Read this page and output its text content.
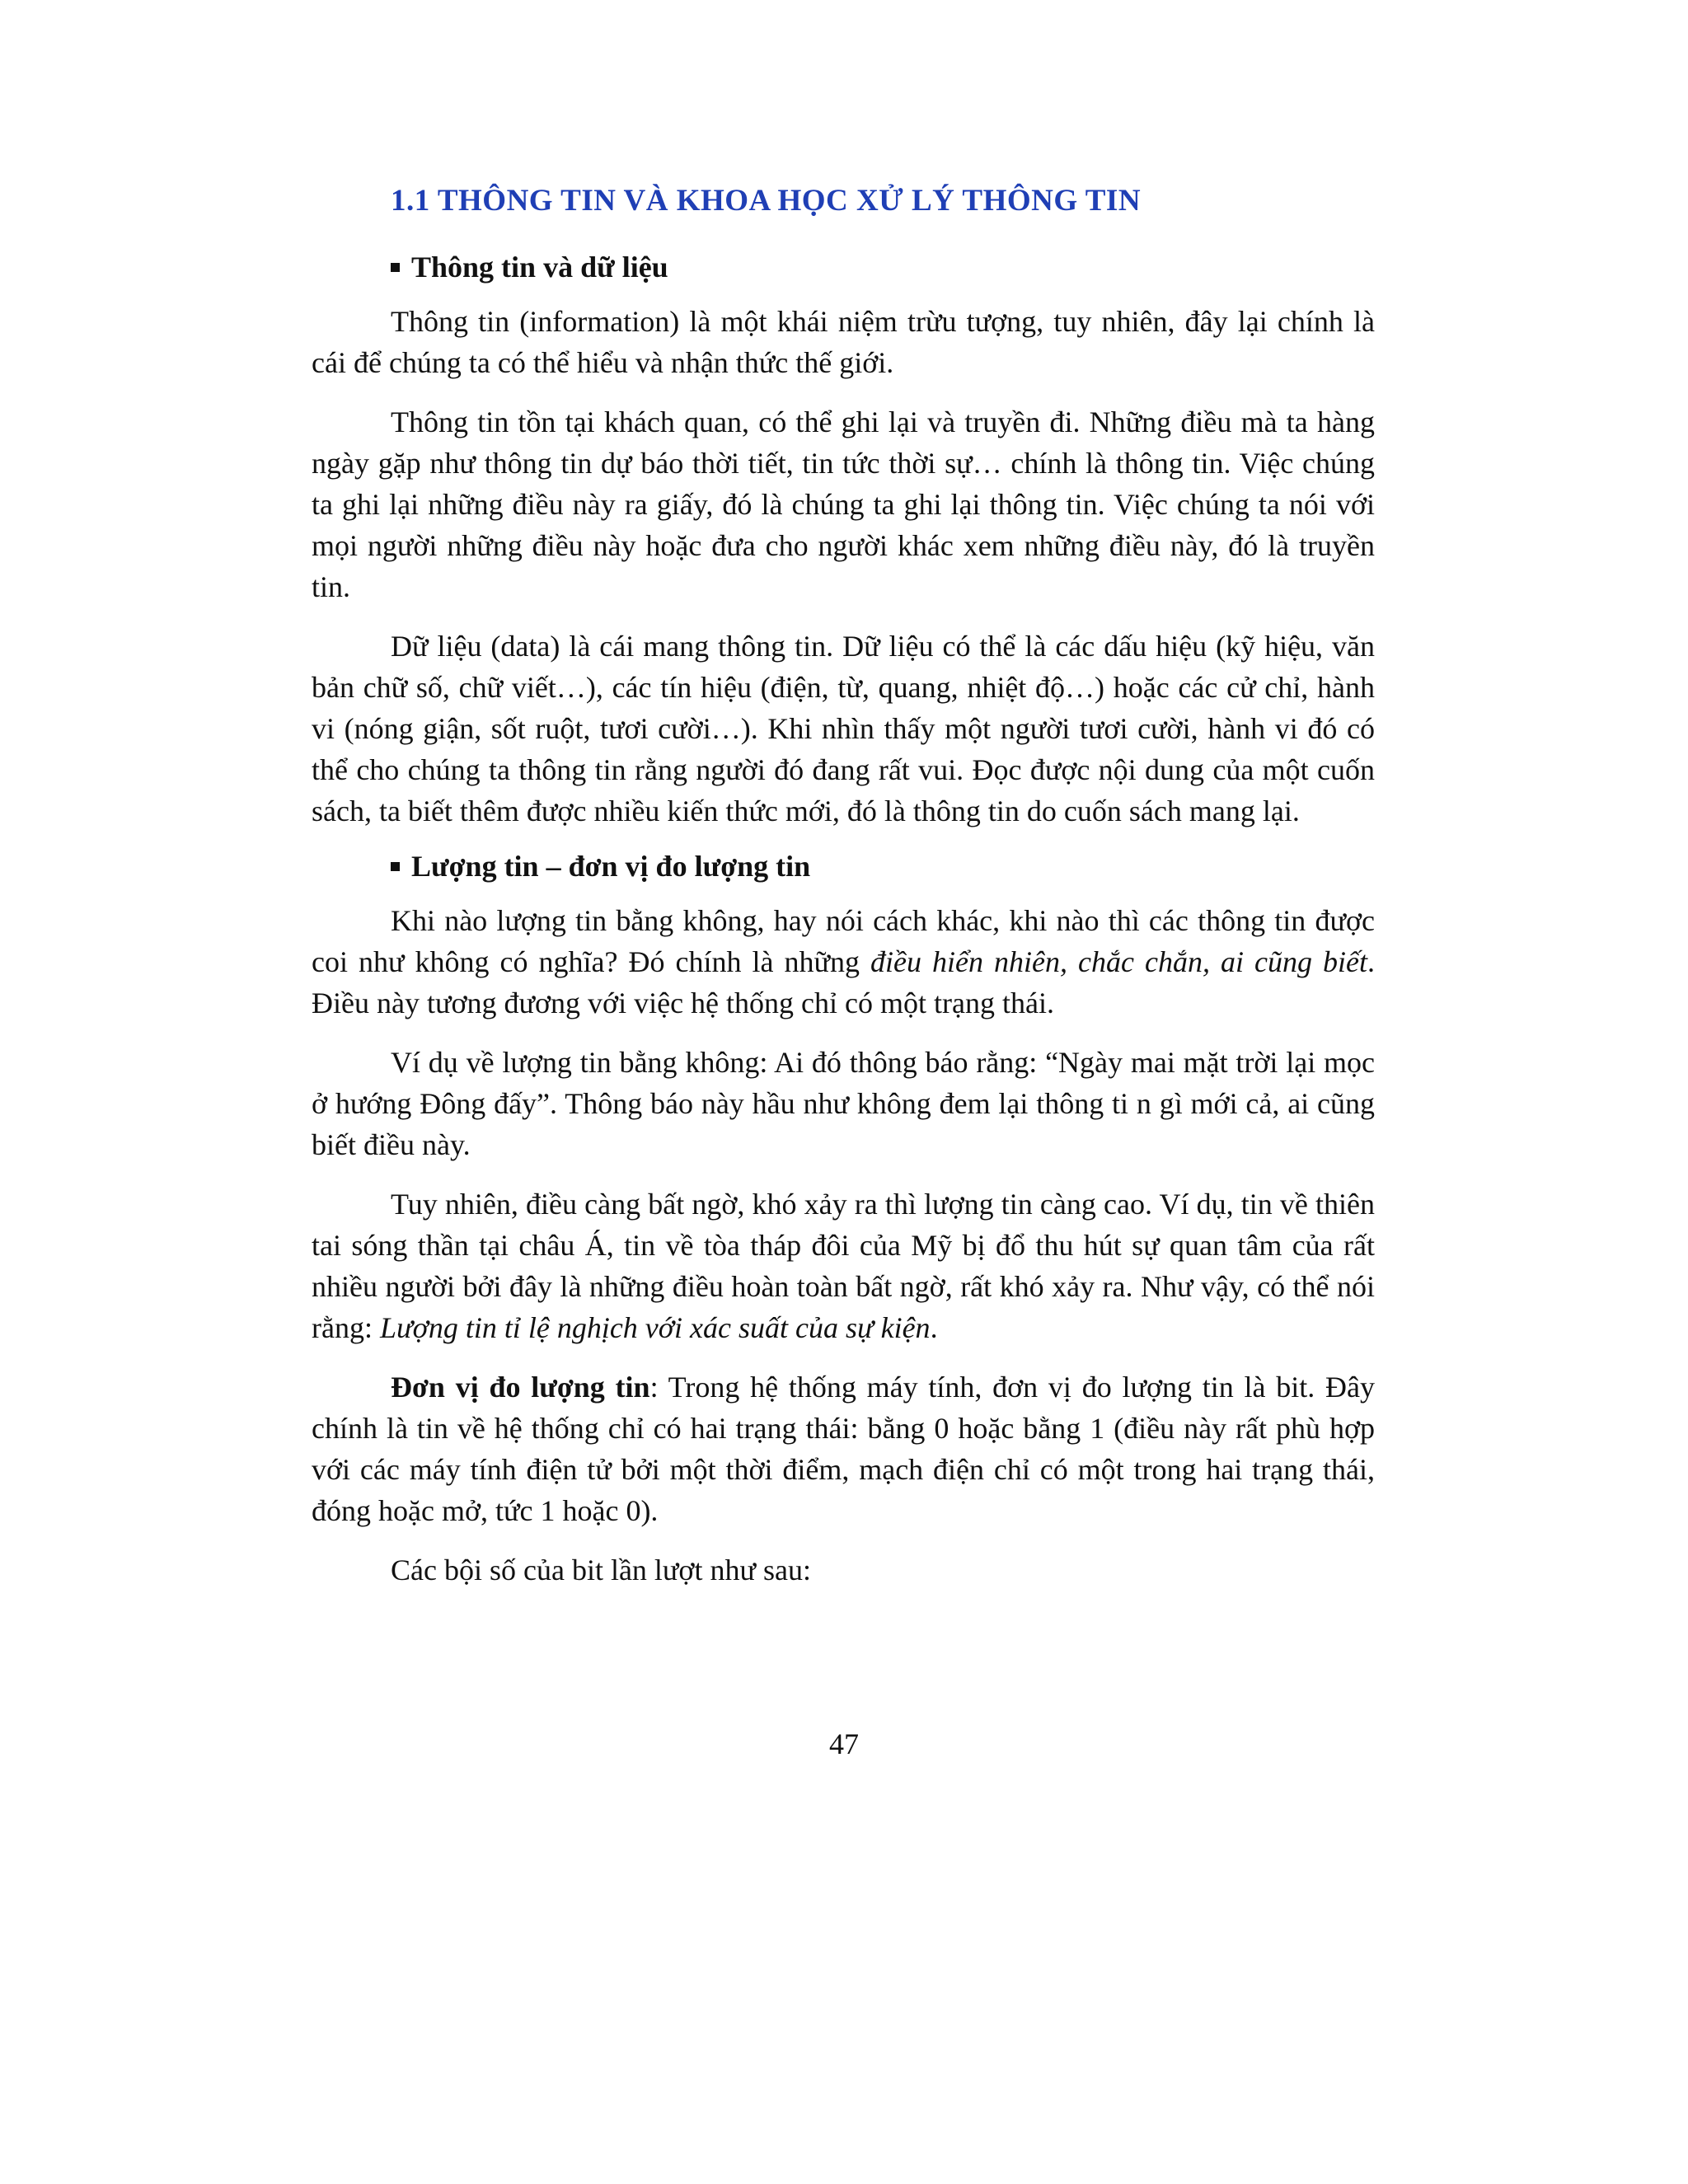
1.1 THÔNG TIN VÀ KHOA HỌC XỬ LÝ THÔNG TIN
Thông tin và dữ liệu

Thông tin (information) là một khái niệm trừu tượng, tuy nhiên, đây lại chính là cái để chúng ta có thể hiểu và nhận thức thế giới.

Thông tin tồn tại khách quan, có thể ghi lại và truyền đi. Những điều mà ta hàng ngày gặp như thông tin dự báo thời tiết, tin tức thời sự… chính là thông tin. Việc chúng ta ghi lại những điều này ra giấy, đó là chúng ta ghi lại thông tin. Việc chúng ta nói với mọi người những điều này hoặc đưa cho người khác xem những điều này, đó là truyền tin.

Dữ liệu (data) là cái mang thông tin. Dữ liệu có thể là các dấu hiệu (kỹ hiệu, văn bản chữ số, chữ viết…), các tín hiệu (điện, từ, quang, nhiệt độ…) hoặc các cử chỉ, hành vi (nóng giận, sốt ruột, tươi cười…). Khi nhìn thấy một người tươi cười, hành vi đó có thể cho chúng ta thông tin rằng người đó đang rất vui. Đọc được nội dung của một cuốn sách, ta biết thêm được nhiều kiến thức mới, đó là thông tin do cuốn sách mang lại.

Lượng tin – đơn vị đo lượng tin

Khi nào lượng tin bằng không, hay nói cách khác, khi nào thì các thông tin được coi như không có nghĩa? Đó chính là những điều hiển nhiên, chắc chắn, ai cũng biết. Điều này tương đương với việc hệ thống chỉ có một trạng thái.

Ví dụ về lượng tin bằng không: Ai đó thông báo rằng: “Ngày mai mặt trời lại mọc ở hướng Đông đấy”. Thông báo này hầu như không đem lại thông ti n gì mới cả, ai cũng biết điều này.

Tuy nhiên, điều càng bất ngờ, khó xảy ra thì lượng tin càng cao. Ví dụ, tin về thiên tai sóng thần tại châu Á, tin về tòa tháp đôi của Mỹ bị đổ thu hút sự quan tâm của rất nhiều người bởi đây là những điều hoàn toàn bất ngờ, rất khó xảy ra. Như vậy, có thể nói rằng: Lượng tin tỉ lệ nghịch với xác suất của sự kiện.

Đơn vị đo lượng tin: Trong hệ thống máy tính, đơn vị đo lượng tin là bit. Đây chính là tin về hệ thống chỉ có hai trạng thái: bằng 0 hoặc bằng 1 (điều này rất phù hợp với các máy tính điện tử bởi một thời điểm, mạch điện chỉ có một trong hai trạng thái, đóng hoặc mở, tức 1 hoặc 0).

Các bội số của bit lần lượt như sau:

47
